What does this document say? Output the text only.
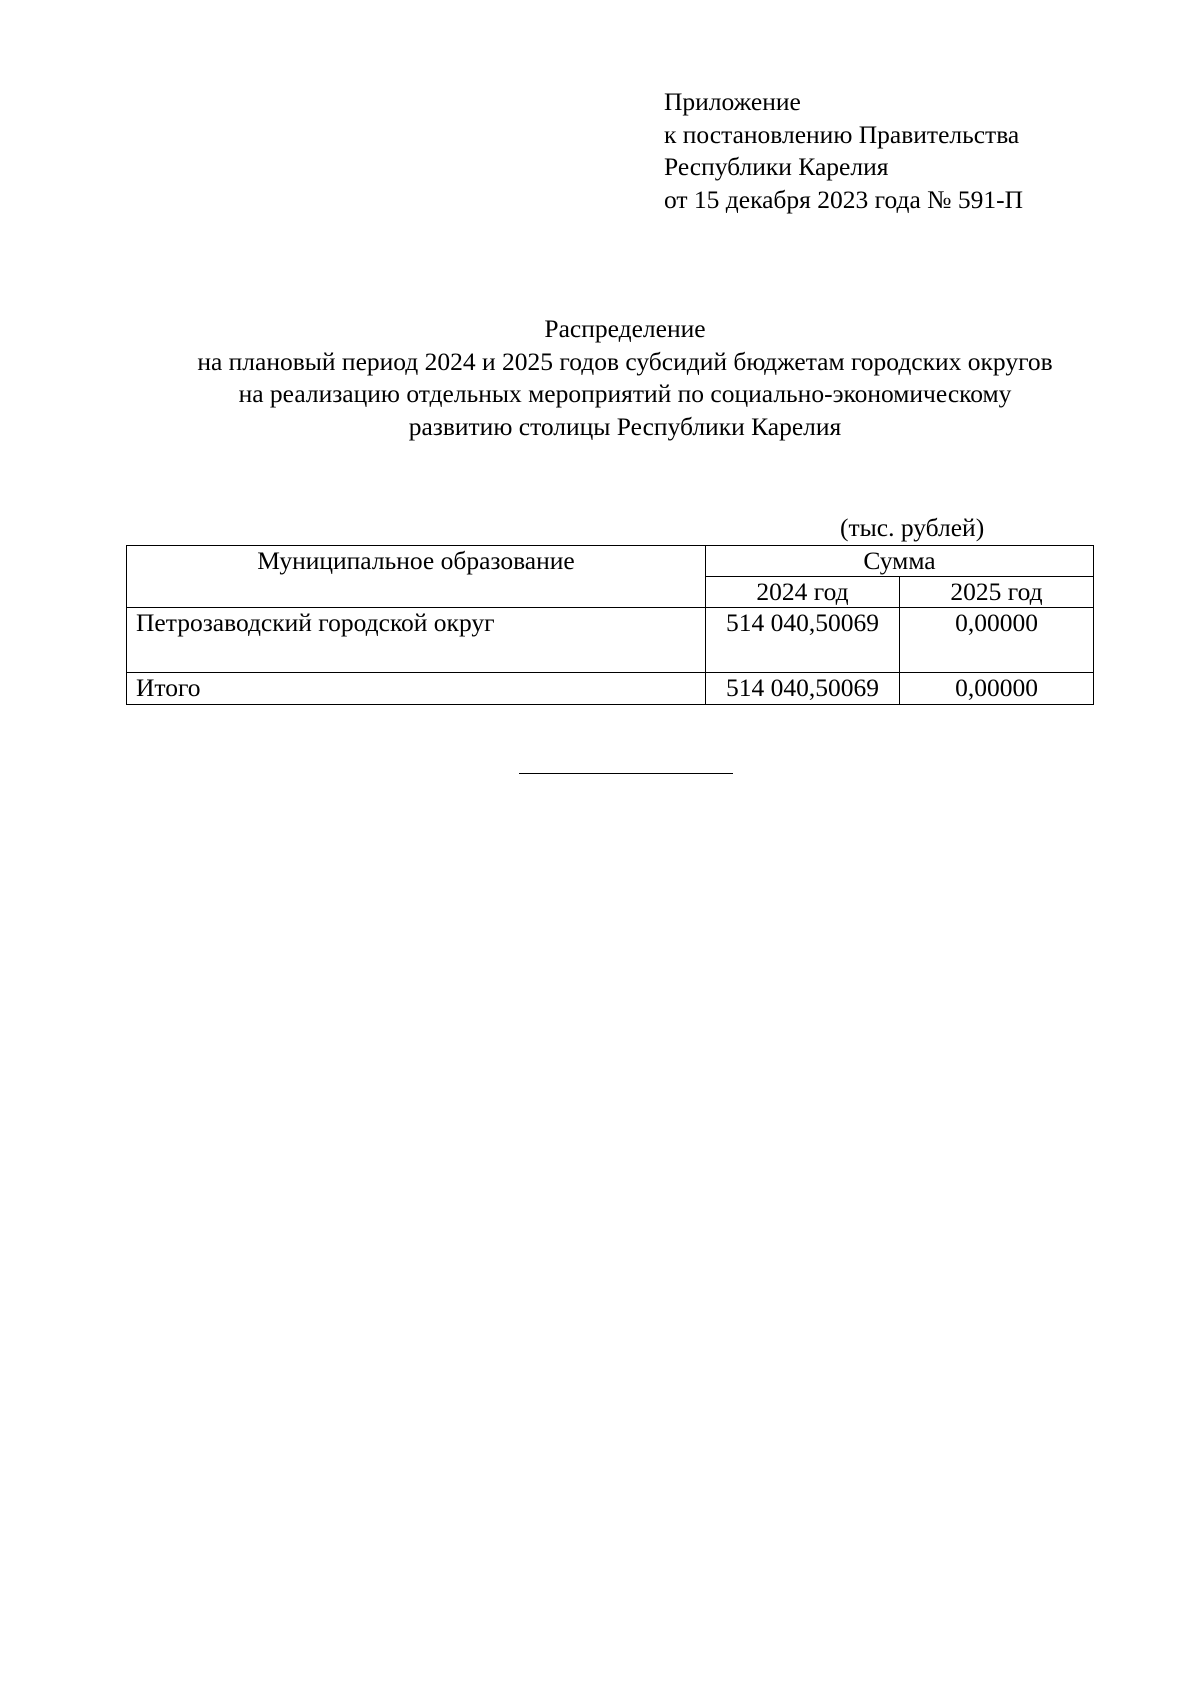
Приложение
к постановлению Правительства
Республики Карелия
от 15 декабря 2023 года № 591-П
Распределение
на плановый период 2024 и 2025 годов субсидий бюджетам городских округов
на реализацию отдельных мероприятий по социально-экономическому
развитию столицы Республики Карелия
(тыс. рублей)
Муниципальное образование	Сумма	
	2024 год	2025 год
Петрозаводский городской округ	514 040,50069	0,00000
Итого	514 040,50069	0,00000
